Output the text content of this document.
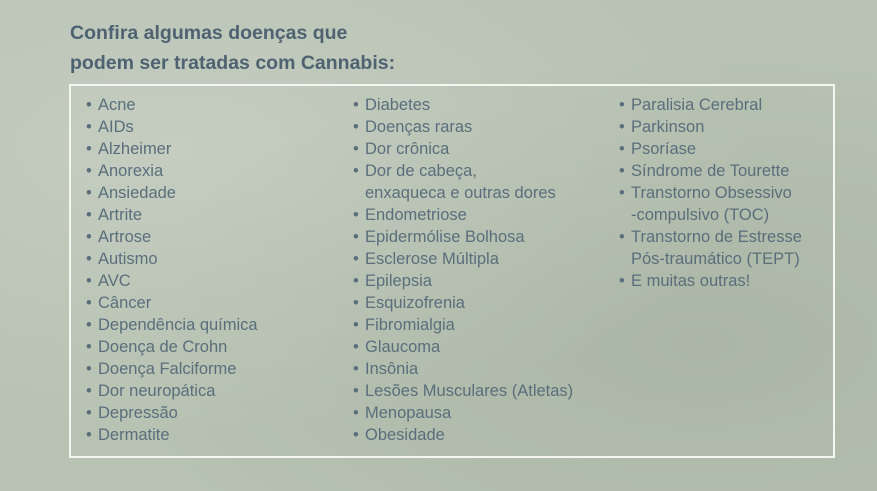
Confira algumas doenças que
podem ser tratadas com Cannabis:
• Acne
• AIDs
• Alzheimer
• Anorexia
• Ansiedade
• Artrite
• Artrose
• Autismo
• AVC
• Câncer
• Dependência química
• Doença de Crohn
• Doença Falciforme
• Dor neuropática
• Depressão
• Dermatite
• Diabetes
• Doenças raras
• Dor crônica
• Dor de cabeça,
enxaqueca e outras dores
• Endometriose
• Epidermólise Bolhosa
• Esclerose Múltipla
• Epilepsia
• Esquizofrenia
• Fibromialgia
• Glaucoma
• Insônia
• Lesões Musculares (Atletas)
• Menopausa
• Obesidade
• Paralisia Cerebral
• Parkinson
• Psoríase
• Síndrome de Tourette
• Transtorno Obsessivo
-compulsivo (TOC)
• Transtorno de Estresse
Pós-traumático (TEPT)
• E muitas outras!
